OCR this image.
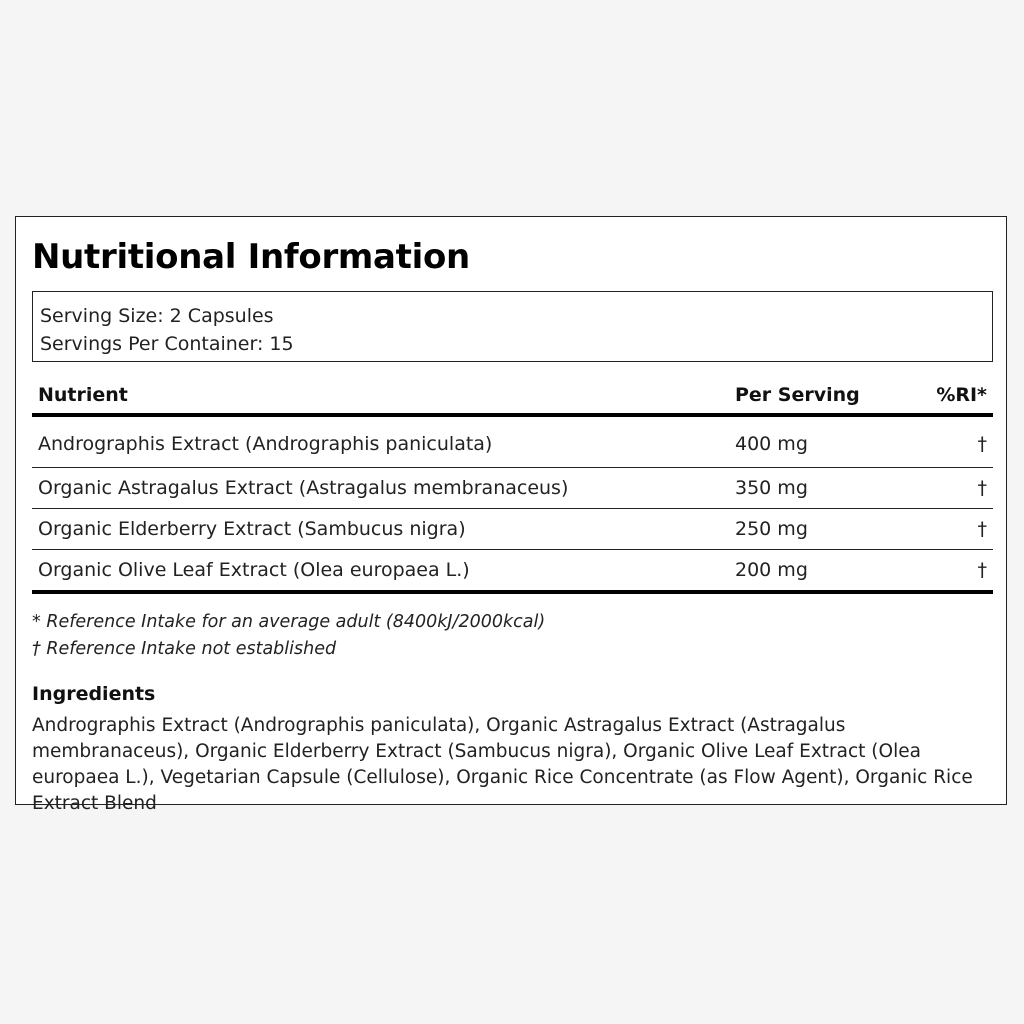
Nutritional Information
Serving Size: 2 Capsules
Servings Per Container: 15
Nutrient	Per Serving	%RI*
Andrographis Extract (Andrographis paniculata)	400 mg	†
Organic Astragalus Extract (Astragalus membranaceus)	350 mg	†
Organic Elderberry Extract (Sambucus nigra)	250 mg	†
Organic Olive Leaf Extract (Olea europaea L.)	200 mg	†
* Reference Intake for an average adult (8400kJ/2000kcal)
† Reference Intake not established
Ingredients

Andrographis Extract (Andrographis paniculata), Organic Astragalus Extract (Astragalus membranaceus), Organic Elderberry Extract (Sambucus nigra), Organic Olive Leaf Extract (Olea europaea L.), Vegetarian Capsule (Cellulose), Organic Rice Concentrate (as Flow Agent), Organic Rice Extract Blend
